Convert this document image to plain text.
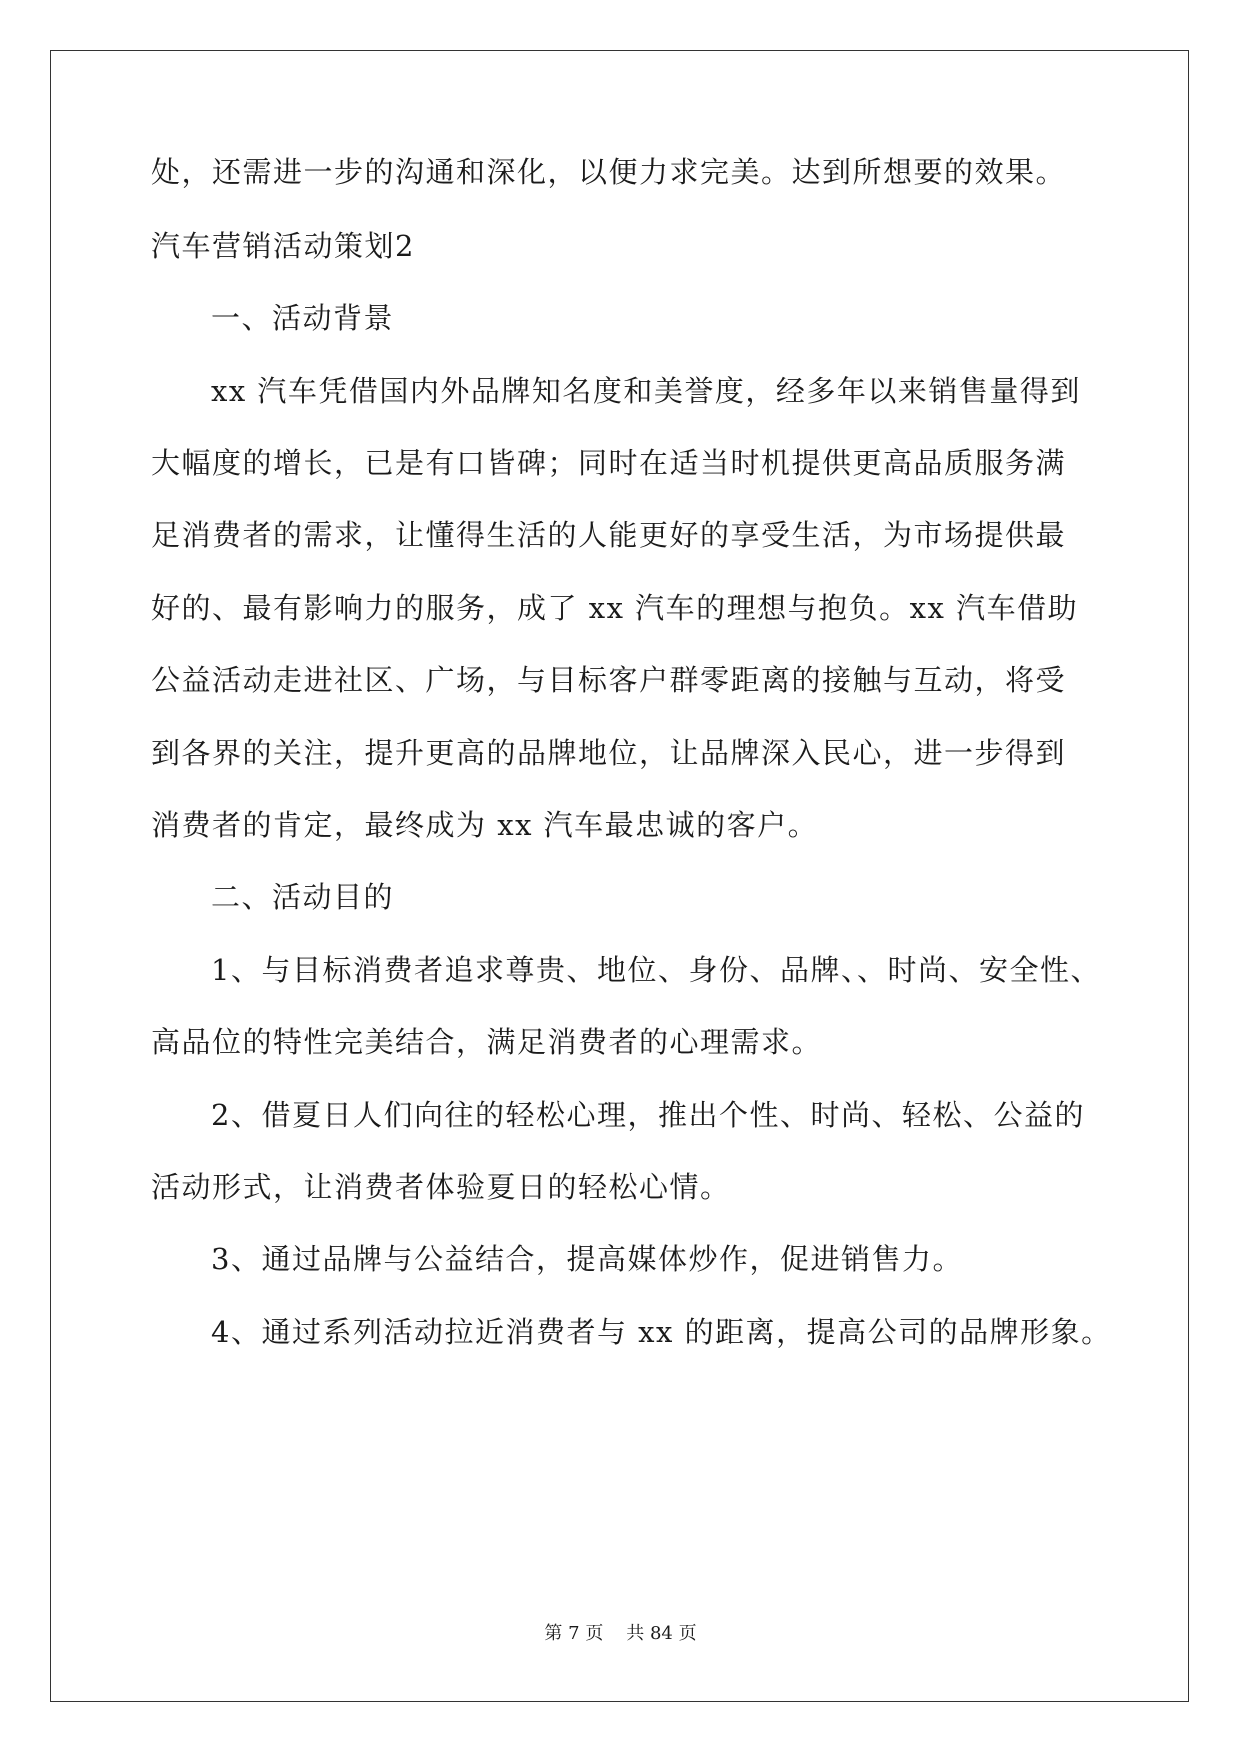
处，还需进一步的沟通和深化，以便力求完美。达到所想要的效果。
汽车营销活动策划2
一、活动背景
xx 汽车凭借国内外品牌知名度和美誉度，经多年以来销售量得到
大幅度的增长，已是有口皆碑；同时在适当时机提供更高品质服务满
足消费者的需求，让懂得生活的人能更好的享受生活，为市场提供最
好的、最有影响力的服务，成了 xx 汽车的理想与抱负。xx 汽车借助
公益活动走进社区、广场，与目标客户群零距离的接触与互动，将受
到各界的关注，提升更高的品牌地位，让品牌深入民心，进一步得到
消费者的肯定，最终成为 xx 汽车最忠诚的客户。
二、活动目的
1、与目标消费者追求尊贵、地位、身份、品牌、、时尚、安全性、
高品位的特性完美结合，满足消费者的心理需求。
2、借夏日人们向往的轻松心理，推出个性、时尚、轻松、公益的
活动形式，让消费者体验夏日的轻松心情。
3、通过品牌与公益结合，提高媒体炒作，促进销售力。
4、通过系列活动拉近消费者与 xx 的距离，提高公司的品牌形象。
第 7 页 共 84 页
